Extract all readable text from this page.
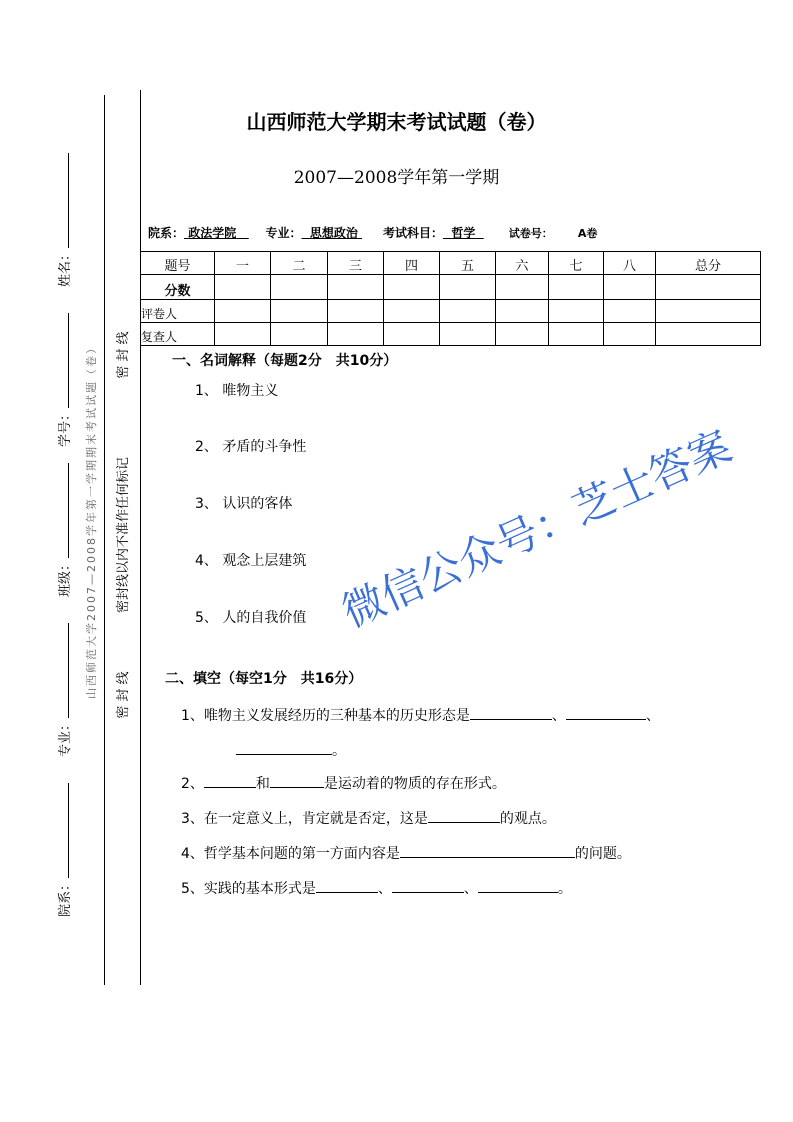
姓名：
学号：
班级：
专业：
院系：
山西师范大学2007—2008学年第一学期期末考试试题（卷） 密 封 线
密封线以内不准作任何标记
密 封 线
山西师范大学期末考试试题（卷）
2007—2008学年第一学期
院系： 政法学院 专业： 思想政治 考试科目： 哲学	试卷号： A卷
题号	一	二	三	四	五	六	七	八	总分
分数									
评卷人									
复查人									
一、名词解释（每题2分　共10分）
1、 唯物主义
2、 矛盾的斗争性
3、 认识的客体
4、 观念上层建筑
5、 人的自我价值
二、填空（每空1分　共16分）
1、唯物主义发展经历的三种基本的历史形态是	、	、
。
2、	和	是运动着的物质的存在形式。
3、在一定意义上，肯定就是否定，这是	的观点。
4、哲学基本问题的第一方面内容是	的问题。
5、实践的基本形式是	、	、	。
微信公众号：芝士答案
